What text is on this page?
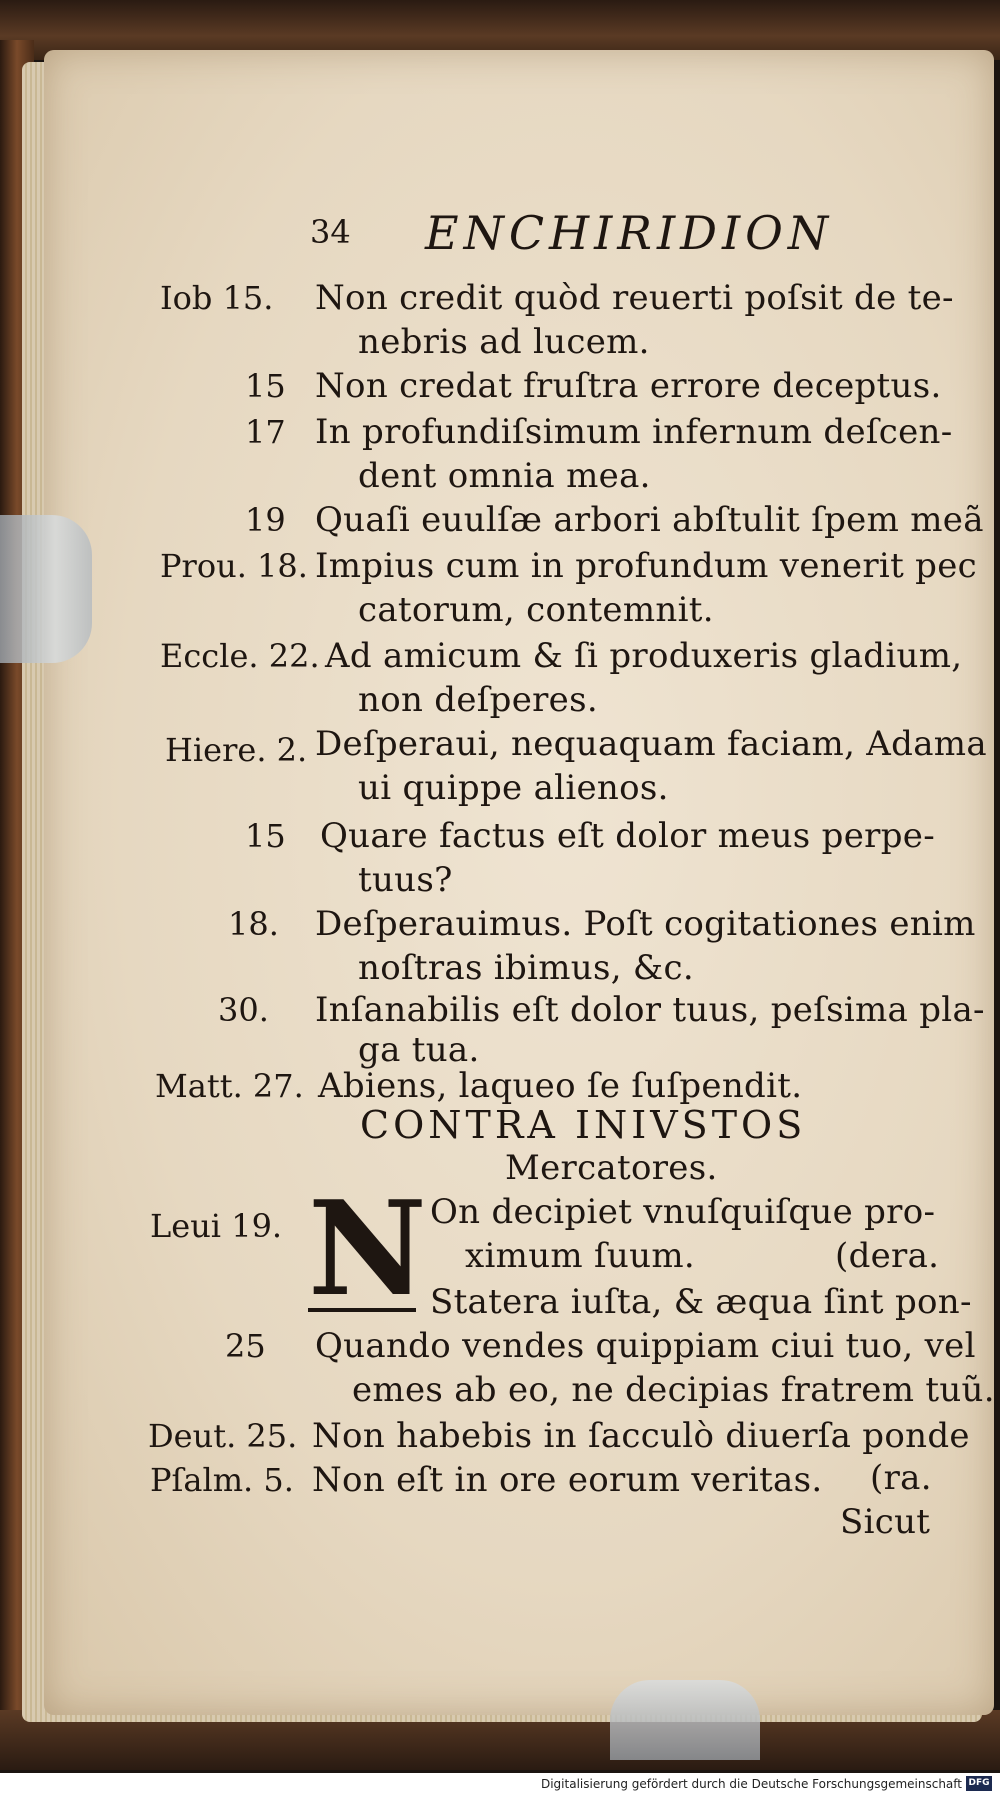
34 ENCHIRIDION
Iob 15. Non credit quòd reuerti poſsit de te-
nebris ad lucem.
15 Non credat fruſtra errore deceptus.
17 In profundiſsimum infernum deſcen-
dent omnia mea.
19 Quaſi euulſæ arbori abſtulit ſpem meã
Prou. 18. Impius cum in profundum venerit pec
catorum, contemnit.
Eccle. 22. Ad amicum & ſi produxeris gladium,
non deſperes.
Hiere. 2. Deſperaui, nequaquam faciam, Adama
ui quippe alienos.
15 Quare factus eſt dolor meus perpe-
tuus?
18. Deſperauimus. Poſt cogitationes enim
noſtras ibimus, &c.
30. Inſanabilis eſt dolor tuus, peſsima pla-
ga tua.
Matt. 27. Abiens, laqueo ſe ſuſpendit.
CONTRA INIVSTOS
Mercatores.
Leui 19. N On decipiet vnuſquiſque pro-
ximum ſuum.	(dera.
Statera iuſta, & æqua ſint pon-
25 Quando vendes quippiam ciui tuo, vel
emes ab eo, ne decipias fratrem tuũ.
Deut. 25. Non habebis in ſacculò diuerſa ponde
Pſalm. 5. Non eſt in ore eorum veritas. (ra.
Sicut
Digitalisierung gefördert durch die Deutsche Forschungsgemeinschaft DFG
